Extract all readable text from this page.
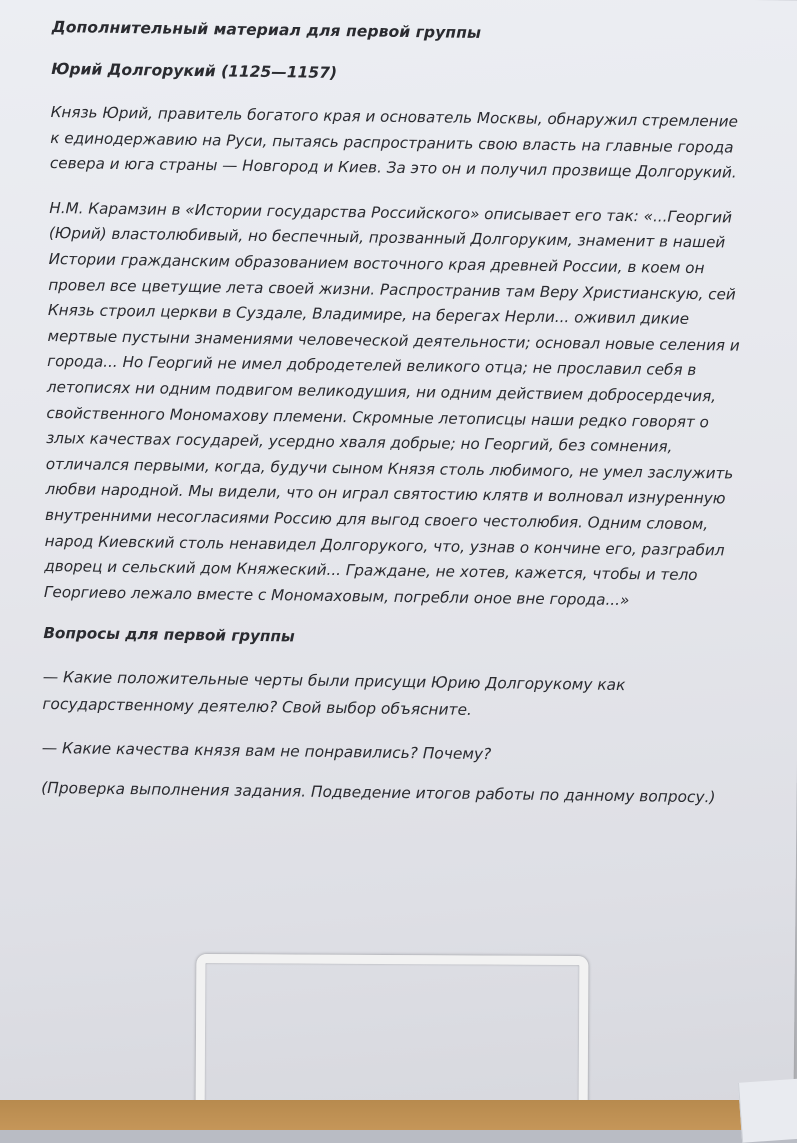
Дополнительный материал для первой группы
Юрий Долгорукий (1125—1157)

Князь Юрий, правитель богатого края и основатель Москвы, обнаружил стремление к единодержавию на Руси, пытаясь распространить свою власть на главные города севера и юга страны — Новгород и Киев. За это он и получил прозвище Долгорукий.

Н.М. Карамзин в «Истории государства Российского» описывает его так: «...Георгий (Юрий) властолюбивый, но беспечный, прозванный Долгоруким, знаменит в нашей Истории гражданским образованием восточного края древней России, в коем он провел все цветущие лета своей жизни. Распространив там Веру Христианскую, сей Князь строил церкви в Суздале, Владимире, на берегах Нерли... оживил дикие мертвые пустыни знамениями человеческой деятельности; основал новые селения и города... Но Георгий не имел добродетелей великого отца; не прославил себя в летописях ни одним подвигом великодушия, ни одним действием добросердечия, свойственного Мономахову племени. Скромные летописцы наши редко говорят о злых качествах государей, усердно хваля добрые; но Георгий, без сомнения, отличался первыми, когда, будучи сыном Князя столь любимого, не умел заслужить любви народной. Мы видели, что он играл святостию клятв и волновал изнуренную внутренними несогласиями Россию для выгод своего честолюбия. Одним словом, народ Киевский столь ненавидел Долгорукого, что, узнав о кончине его, разграбил дворец и сельский дом Княжеский... Граждане, не хотев, кажется, чтобы и тело Георгиево лежало вместе с Мономаховым, погребли оное вне города...»

Вопросы для первой группы

— Какие положительные черты были присущи Юрию Долгорукому как государственному деятелю? Свой выбор объясните.

— Какие качества князя вам не понравились? Почему?

(Проверка выполнения задания. Подведение итогов работы по данному вопросу.)
